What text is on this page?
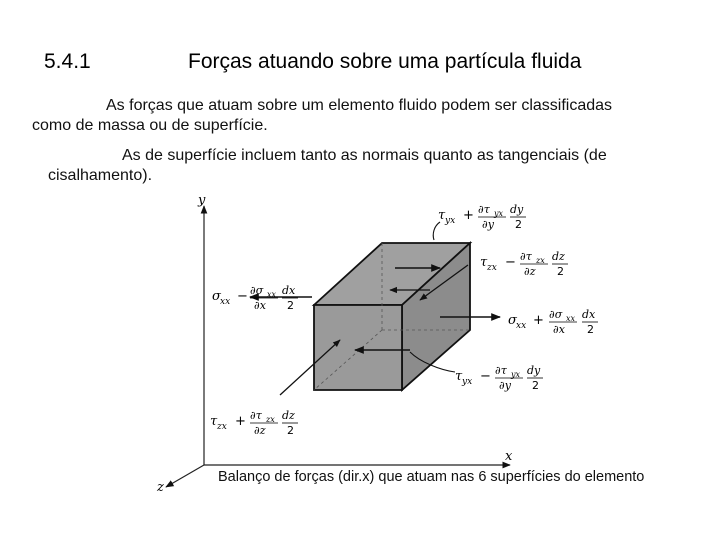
5.4.1	Forças atuando sobre uma partícula fluida
As forças que atuam sobre um elemento fluido podem ser classificadas
como de massa ou de superfície.
As de superfície incluem tanto as normais quanto as tangenciais (de
cisalhamento).
y
x
z
σ xx − ∂σ xx
∂x
dx
2
σ xx + ∂σ xx
∂x
dx
2
τ yx + ∂τ yx
∂y
dy
2
τ zx − ∂τ zx
∂z
dz
2
τ yx − ∂τ yx
∂y
dy
2
τ zx + ∂τ zx
∂z
dz
2
Balanço de forças (dir.x) que atuam nas 6 superfícies do elemento
